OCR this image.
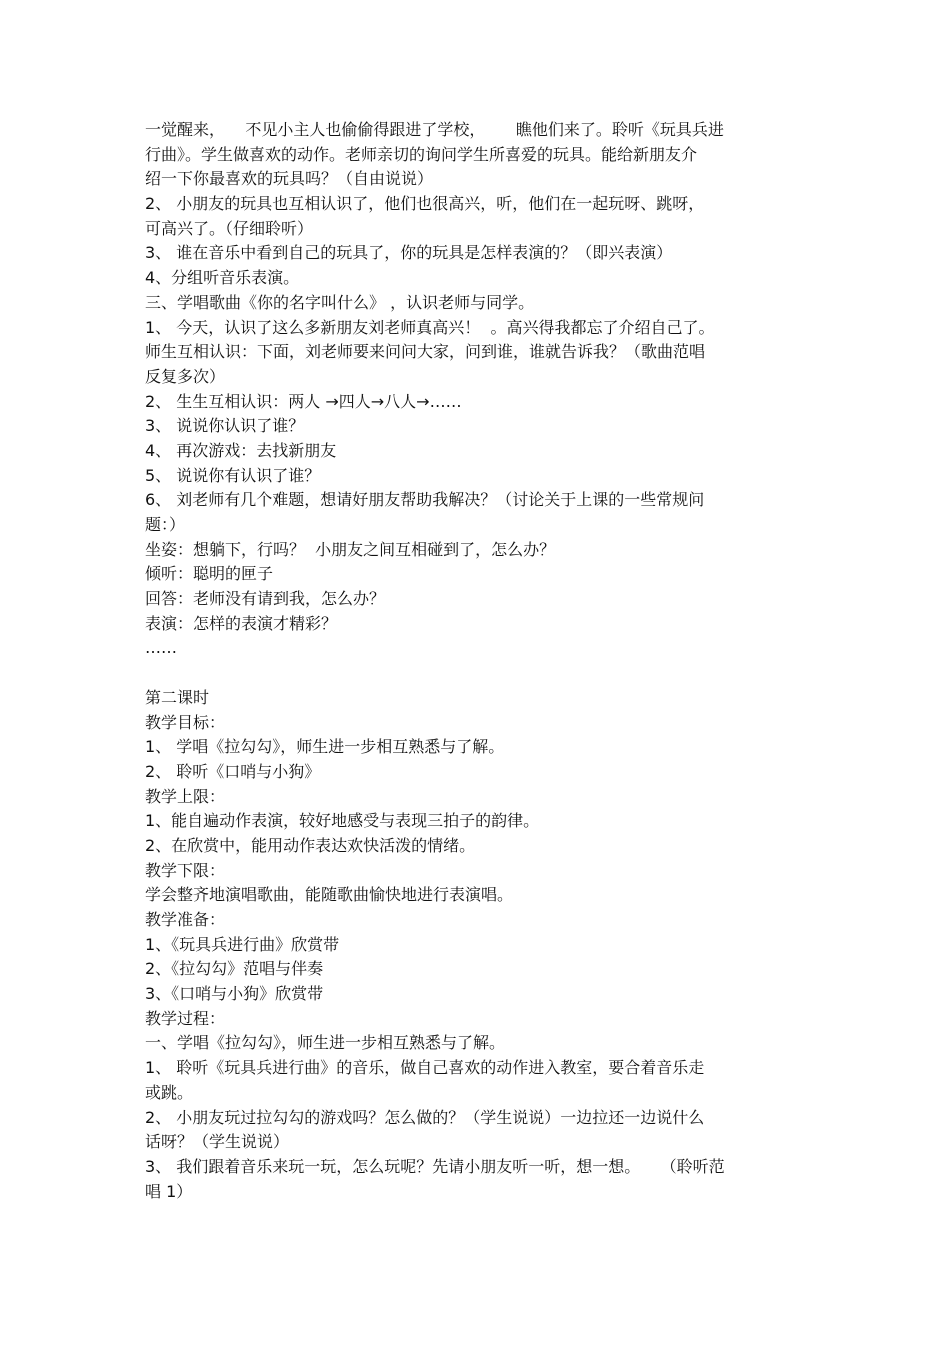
一觉醒来，    不见小主人也偷偷得跟进了学校，      瞧他们来了。聆听《玩具兵进
行曲》。学生做喜欢的动作。老师亲切的询问学生所喜爱的玩具。能给新朋友介
绍一下你最喜欢的玩具吗？（自由说说）
2、 小朋友的玩具也互相认识了，他们也很高兴，听，他们在一起玩呀、跳呀，
可高兴了。（仔细聆听）
3、 谁在音乐中看到自己的玩具了，你的玩具是怎样表演的？（即兴表演）
4、分组听音乐表演。
三、学唱歌曲《你的名字叫什么》 ，认识老师与同学。
1、 今天，认识了这么多新朋友刘老师真高兴！  。高兴得我都忘了介绍自己了。
师生互相认识：下面，刘老师要来问问大家，问到谁，谁就告诉我？（歌曲范唱
反复多次）
2、 生生互相认识：两人 →四人→八人→……
3、 说说你认识了谁？
4、 再次游戏：去找新朋友
5、 说说你有认识了谁？
6、 刘老师有几个难题，想请好朋友帮助我解决？（讨论关于上课的一些常规问
题：）
坐姿：想躺下，行吗？  小朋友之间互相碰到了，怎么办？
倾听：聪明的匣子
回答：老师没有请到我，怎么办？
表演：怎样的表演才精彩？
……
第二课时
教学目标：
1、 学唱《拉勾勾》，师生进一步相互熟悉与了解。
2、 聆听《口哨与小狗》
教学上限：
1、能自遍动作表演，较好地感受与表现三拍子的韵律。
2、在欣赏中，能用动作表达欢快活泼的情绪。
教学下限：
学会整齐地演唱歌曲，能随歌曲愉快地进行表演唱。
教学准备：
1、《玩具兵进行曲》欣赏带
2、《拉勾勾》范唱与伴奏
3、《口哨与小狗》欣赏带
教学过程：
一、学唱《拉勾勾》，师生进一步相互熟悉与了解。
1、 聆听《玩具兵进行曲》的音乐，做自己喜欢的动作进入教室，要合着音乐走
或跳。
2、 小朋友玩过拉勾勾的游戏吗？怎么做的？（学生说说）一边拉还一边说什么
话呀？（学生说说）
3、 我们跟着音乐来玩一玩，怎么玩呢？先请小朋友听一听，想一想。    （聆听范
唱 1）
